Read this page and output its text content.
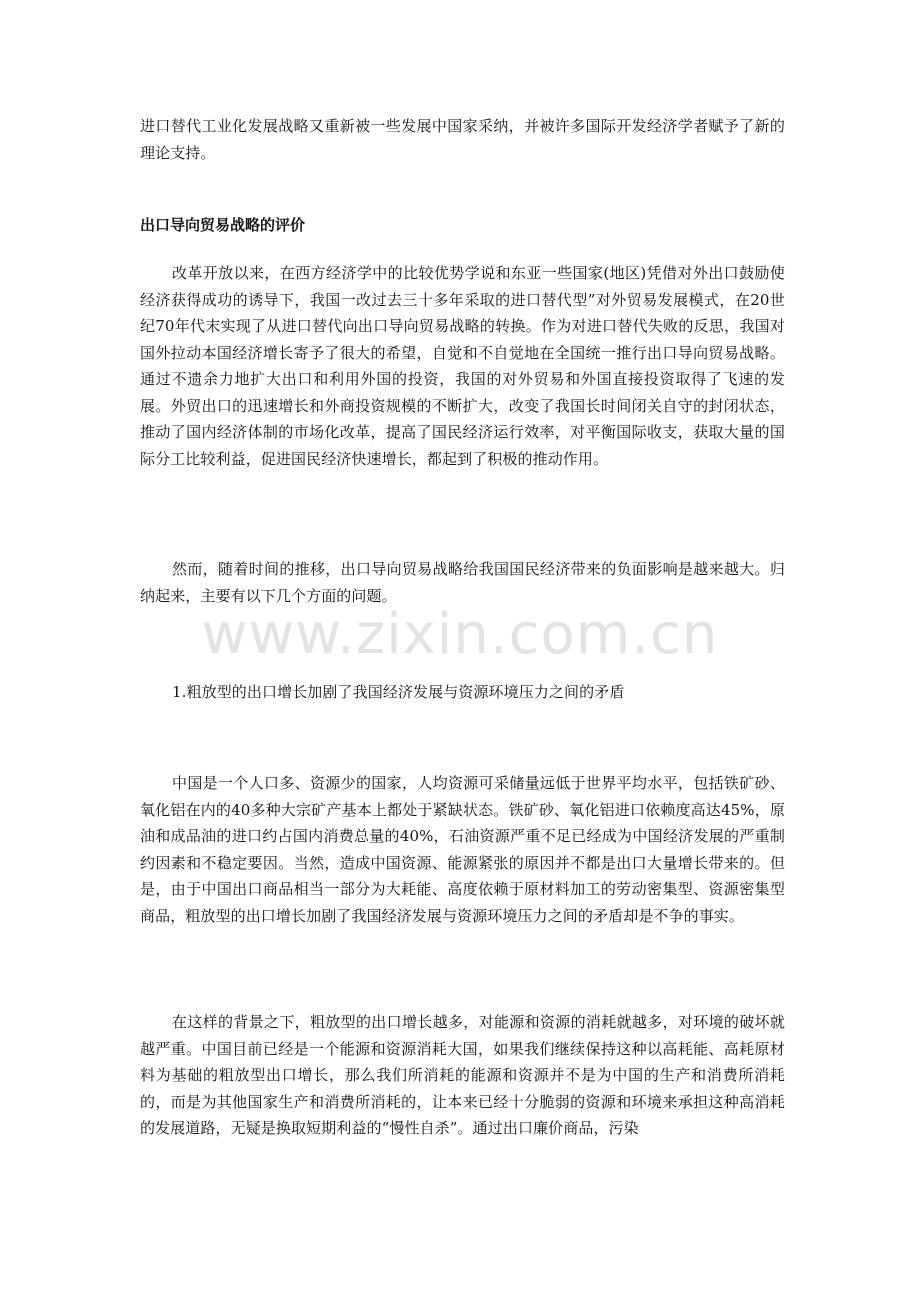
进口替代工业化发展战略又重新被一些发展中国家采纳，并被许多国际开发经济学者赋予了新的理论支持。

出口导向贸易战略的评价

改革开放以来，在西方经济学中的比较优势学说和东亚一些国家(地区)凭借对外出口鼓励使经济获得成功的诱导下，我国一改过去三十多年采取的进口替代型”对外贸易发展模式，在20世纪70年代末实现了从进口替代向出口导向贸易战略的转换。作为对进口替代失败的反思，我国对国外拉动本国经济增长寄予了很大的希望，自觉和不自觉地在全国统一推行出口导向贸易战略。通过不遗余力地扩大出口和利用外国的投资，我国的对外贸易和外国直接投资取得了飞速的发展。外贸出口的迅速增长和外商投资规模的不断扩大，改变了我国长时间闭关自守的封闭状态，推动了国内经济体制的市场化改革，提高了国民经济运行效率，对平衡国际收支，获取大量的国际分工比较利益，促进国民经济快速增长，都起到了积极的推动作用。

然而，随着时间的推移，出口导向贸易战略给我国国民经济带来的负面影响是越来越大。归纳起来，主要有以下几个方面的问题。

www.zixin.com.cn

1.粗放型的出口增长加剧了我国经济发展与资源环境压力之间的矛盾

中国是一个人口多、资源少的国家，人均资源可采储量远低于世界平均水平，包括铁矿砂、氧化铝在内的40多种大宗矿产基本上都处于紧缺状态。铁矿砂、氧化铝进口依赖度高达45%，原油和成品油的进口约占国内消费总量的40%，石油资源严重不足已经成为中国经济发展的严重制约因素和不稳定要因。当然，造成中国资源、能源紧张的原因并不都是出口大量增长带来的。但是，由于中国出口商品相当一部分为大耗能、高度依赖于原材料加工的劳动密集型、资源密集型商品，粗放型的出口增长加剧了我国经济发展与资源环境压力之间的矛盾却是不争的事实。

在这样的背景之下，粗放型的出口增长越多，对能源和资源的消耗就越多，对环境的破坏就越严重。中国目前已经是一个能源和资源消耗大国，如果我们继续保持这种以高耗能、高耗原材料为基础的粗放型出口增长，那么我们所消耗的能源和资源并不是为中国的生产和消费所消耗的，而是为其他国家生产和消费所消耗的，让本来已经十分脆弱的资源和环境来承担这种高消耗的发展道路，无疑是换取短期利益的“慢性自杀”。通过出口廉价商品，污染
